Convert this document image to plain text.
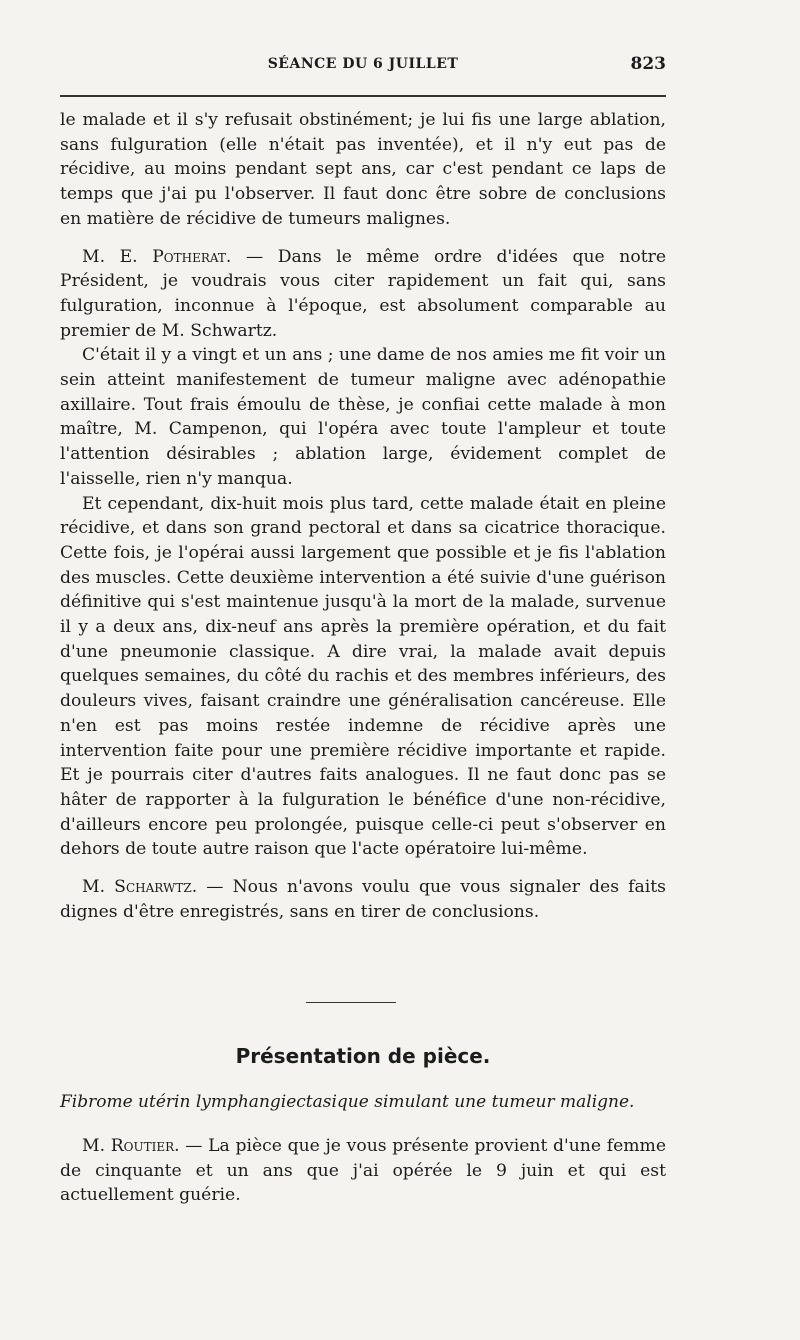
SÉANCE DU 6 JUILLET	823

le malade et il s'y refusait obstinément; je lui fis une large ablation, sans fulguration (elle n'était pas inventée), et il n'y eut pas de récidive, au moins pendant sept ans, car c'est pendant ce laps de temps que j'ai pu l'observer. Il faut donc être sobre de conclusions en matière de récidive de tumeurs malignes.

M. E. Potherat. — Dans le même ordre d'idées que notre Président, je voudrais vous citer rapidement un fait qui, sans fulguration, inconnue à l'époque, est absolument comparable au premier de M. Schwartz.

C'était il y a vingt et un ans ; une dame de nos amies me fit voir un sein atteint manifestement de tumeur maligne avec adénopathie axillaire. Tout frais émoulu de thèse, je confiai cette malade à mon maître, M. Campenon, qui l'opéra avec toute l'ampleur et toute l'attention désirables ; ablation large, évidement complet de l'aisselle, rien n'y manqua.

Et cependant, dix-huit mois plus tard, cette malade était en pleine récidive, et dans son grand pectoral et dans sa cicatrice thoracique. Cette fois, je l'opérai aussi largement que possible et je fis l'ablation des muscles. Cette deuxième intervention a été suivie d'une guérison définitive qui s'est maintenue jusqu'à la mort de la malade, survenue il y a deux ans, dix-neuf ans après la première opération, et du fait d'une pneumonie classique. A dire vrai, la malade avait depuis quelques semaines, du côté du rachis et des membres inférieurs, des douleurs vives, faisant craindre une généralisation cancéreuse. Elle n'en est pas moins restée indemne de récidive après une intervention faite pour une première récidive importante et rapide. Et je pourrais citer d'autres faits analogues. Il ne faut donc pas se hâter de rapporter à la fulguration le bénéfice d'une non-récidive, d'ailleurs encore peu prolongée, puisque celle-ci peut s'observer en dehors de toute autre raison que l'acte opératoire lui-même.

M. Scharwtz. — Nous n'avons voulu que vous signaler des faits dignes d'être enregistrés, sans en tirer de conclusions.

Présentation de pièce.
Fibrome utérin lymphangiectasique simulant une tumeur maligne.

M. Routier. — La pièce que je vous présente provient d'une femme de cinquante et un ans que j'ai opérée le 9 juin et qui est actuellement guérie.
